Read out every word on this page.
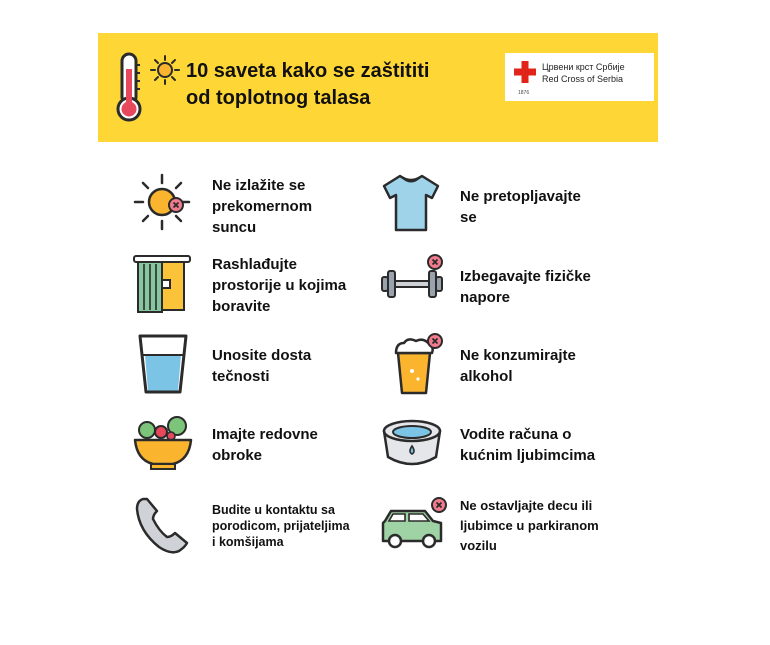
10 saveta kako se zaštititi
od toplotnog talasa
Црвени крст Србије
Red Cross of Serbia
1876
Ne izlažite se
prekomernom
suncu
Ne pretopljavajte
se
Rashlađujte
prostorije u kojima
boravite
Izbegavajte fizičke
napore
Unosite dosta
tečnosti
Ne konzumirajte
alkohol
Imajte redovne
obroke
Vodite računa o
kućnim ljubimcima
Budite u kontaktu sa
porodicom, prijateljima
i komšijama
Ne ostavljajte decu ili
ljubimce u parkiranom
vozilu
